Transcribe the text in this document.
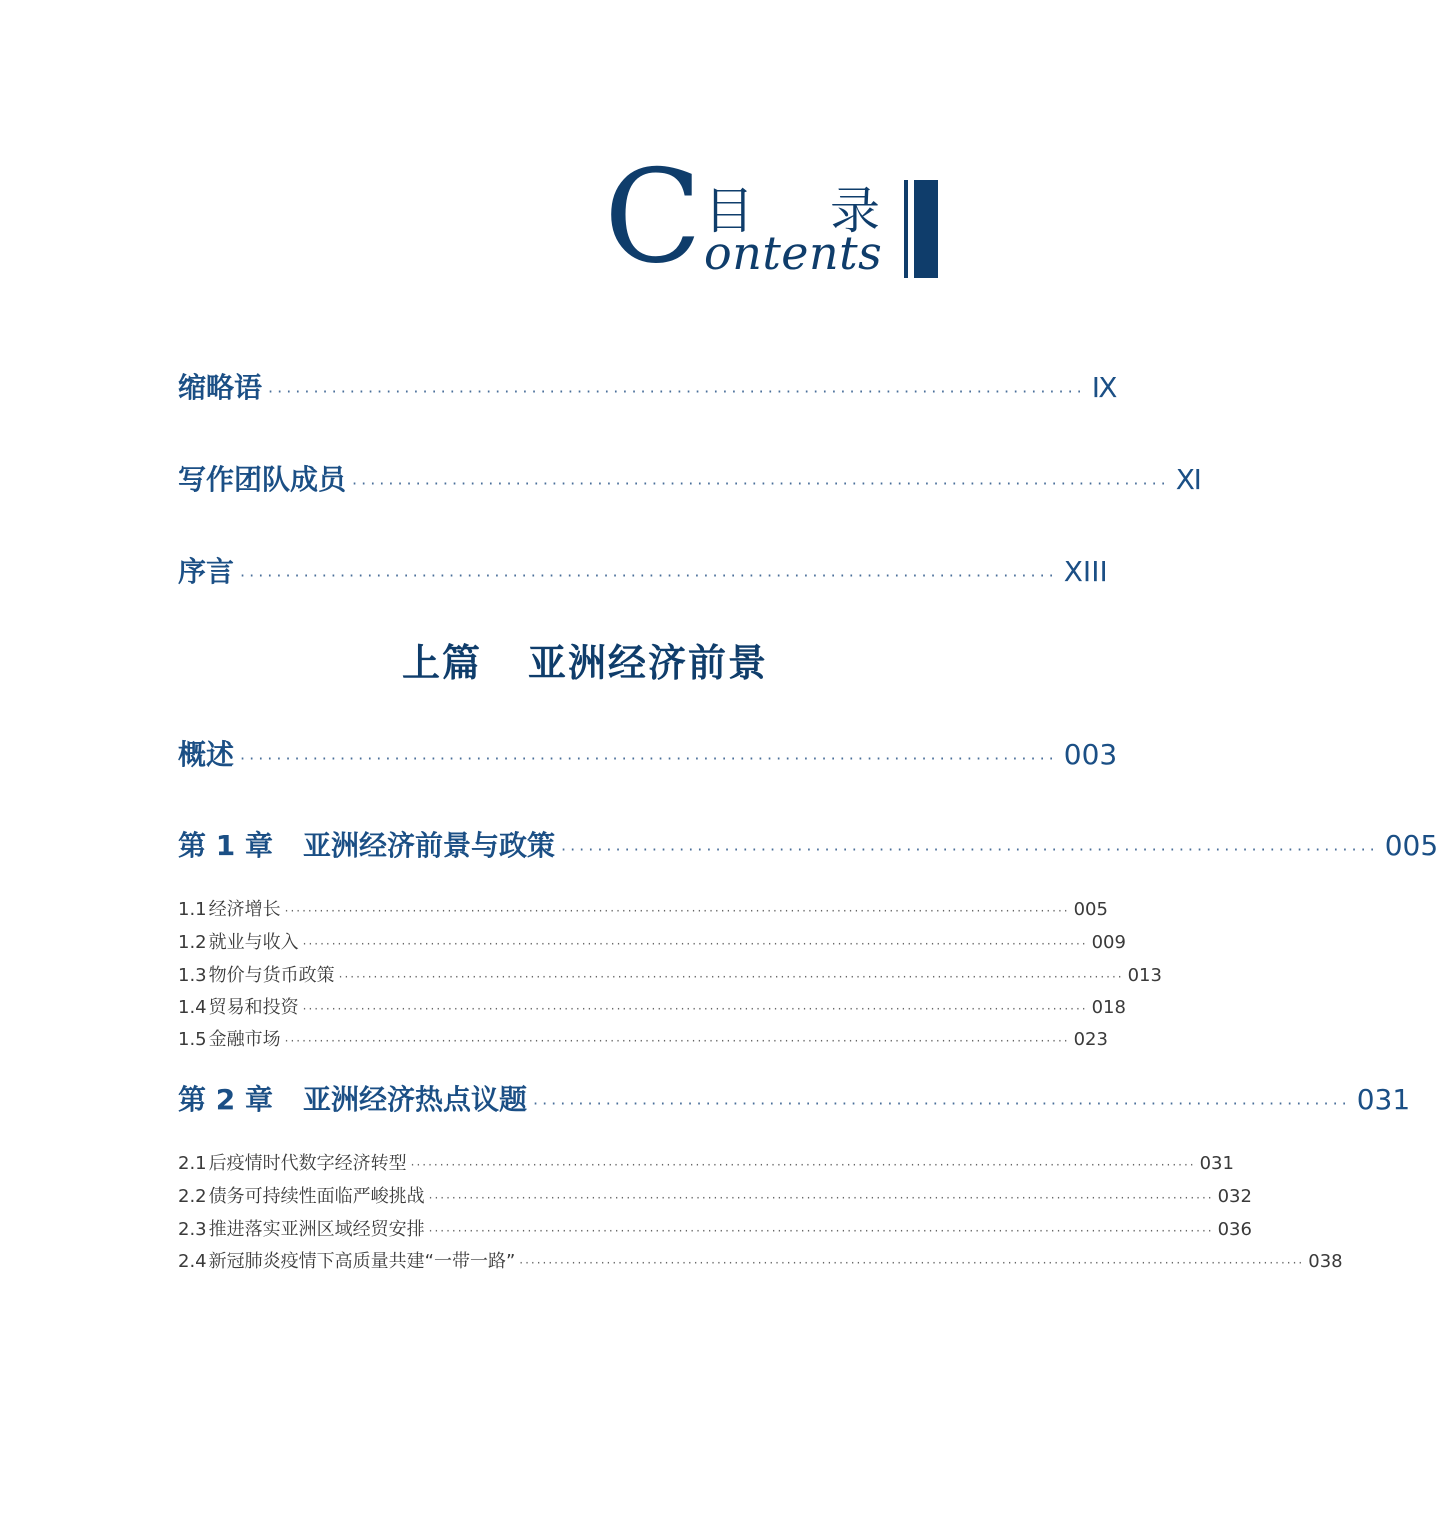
C 目 录
ontents
缩略语 ·························································································· Ⅸ
写作团队成员 ·························································································· Ⅺ
序言 ·························································································· XIII
上篇 亚洲经济前景
概述 ·························································································· 003
第 1 章 亚洲经济前景与政策 ·························································································· 005
1.1 经济增长 ······································································································································· 005
1.2 就业与收入 ······································································································································· 009
1.3 物价与货币政策 ······································································································································· 013
1.4 贸易和投资 ······································································································································· 018
1.5 金融市场 ······································································································································· 023
第 2 章 亚洲经济热点议题 ·························································································· 031
2.1 后疫情时代数字经济转型 ······································································································································· 031
2.2 债务可持续性面临严峻挑战 ······································································································································· 032
2.3 推进落实亚洲区域经贸安排 ······································································································································· 036
2.4 新冠肺炎疫情下高质量共建“一带一路” ······································································································································· 038
